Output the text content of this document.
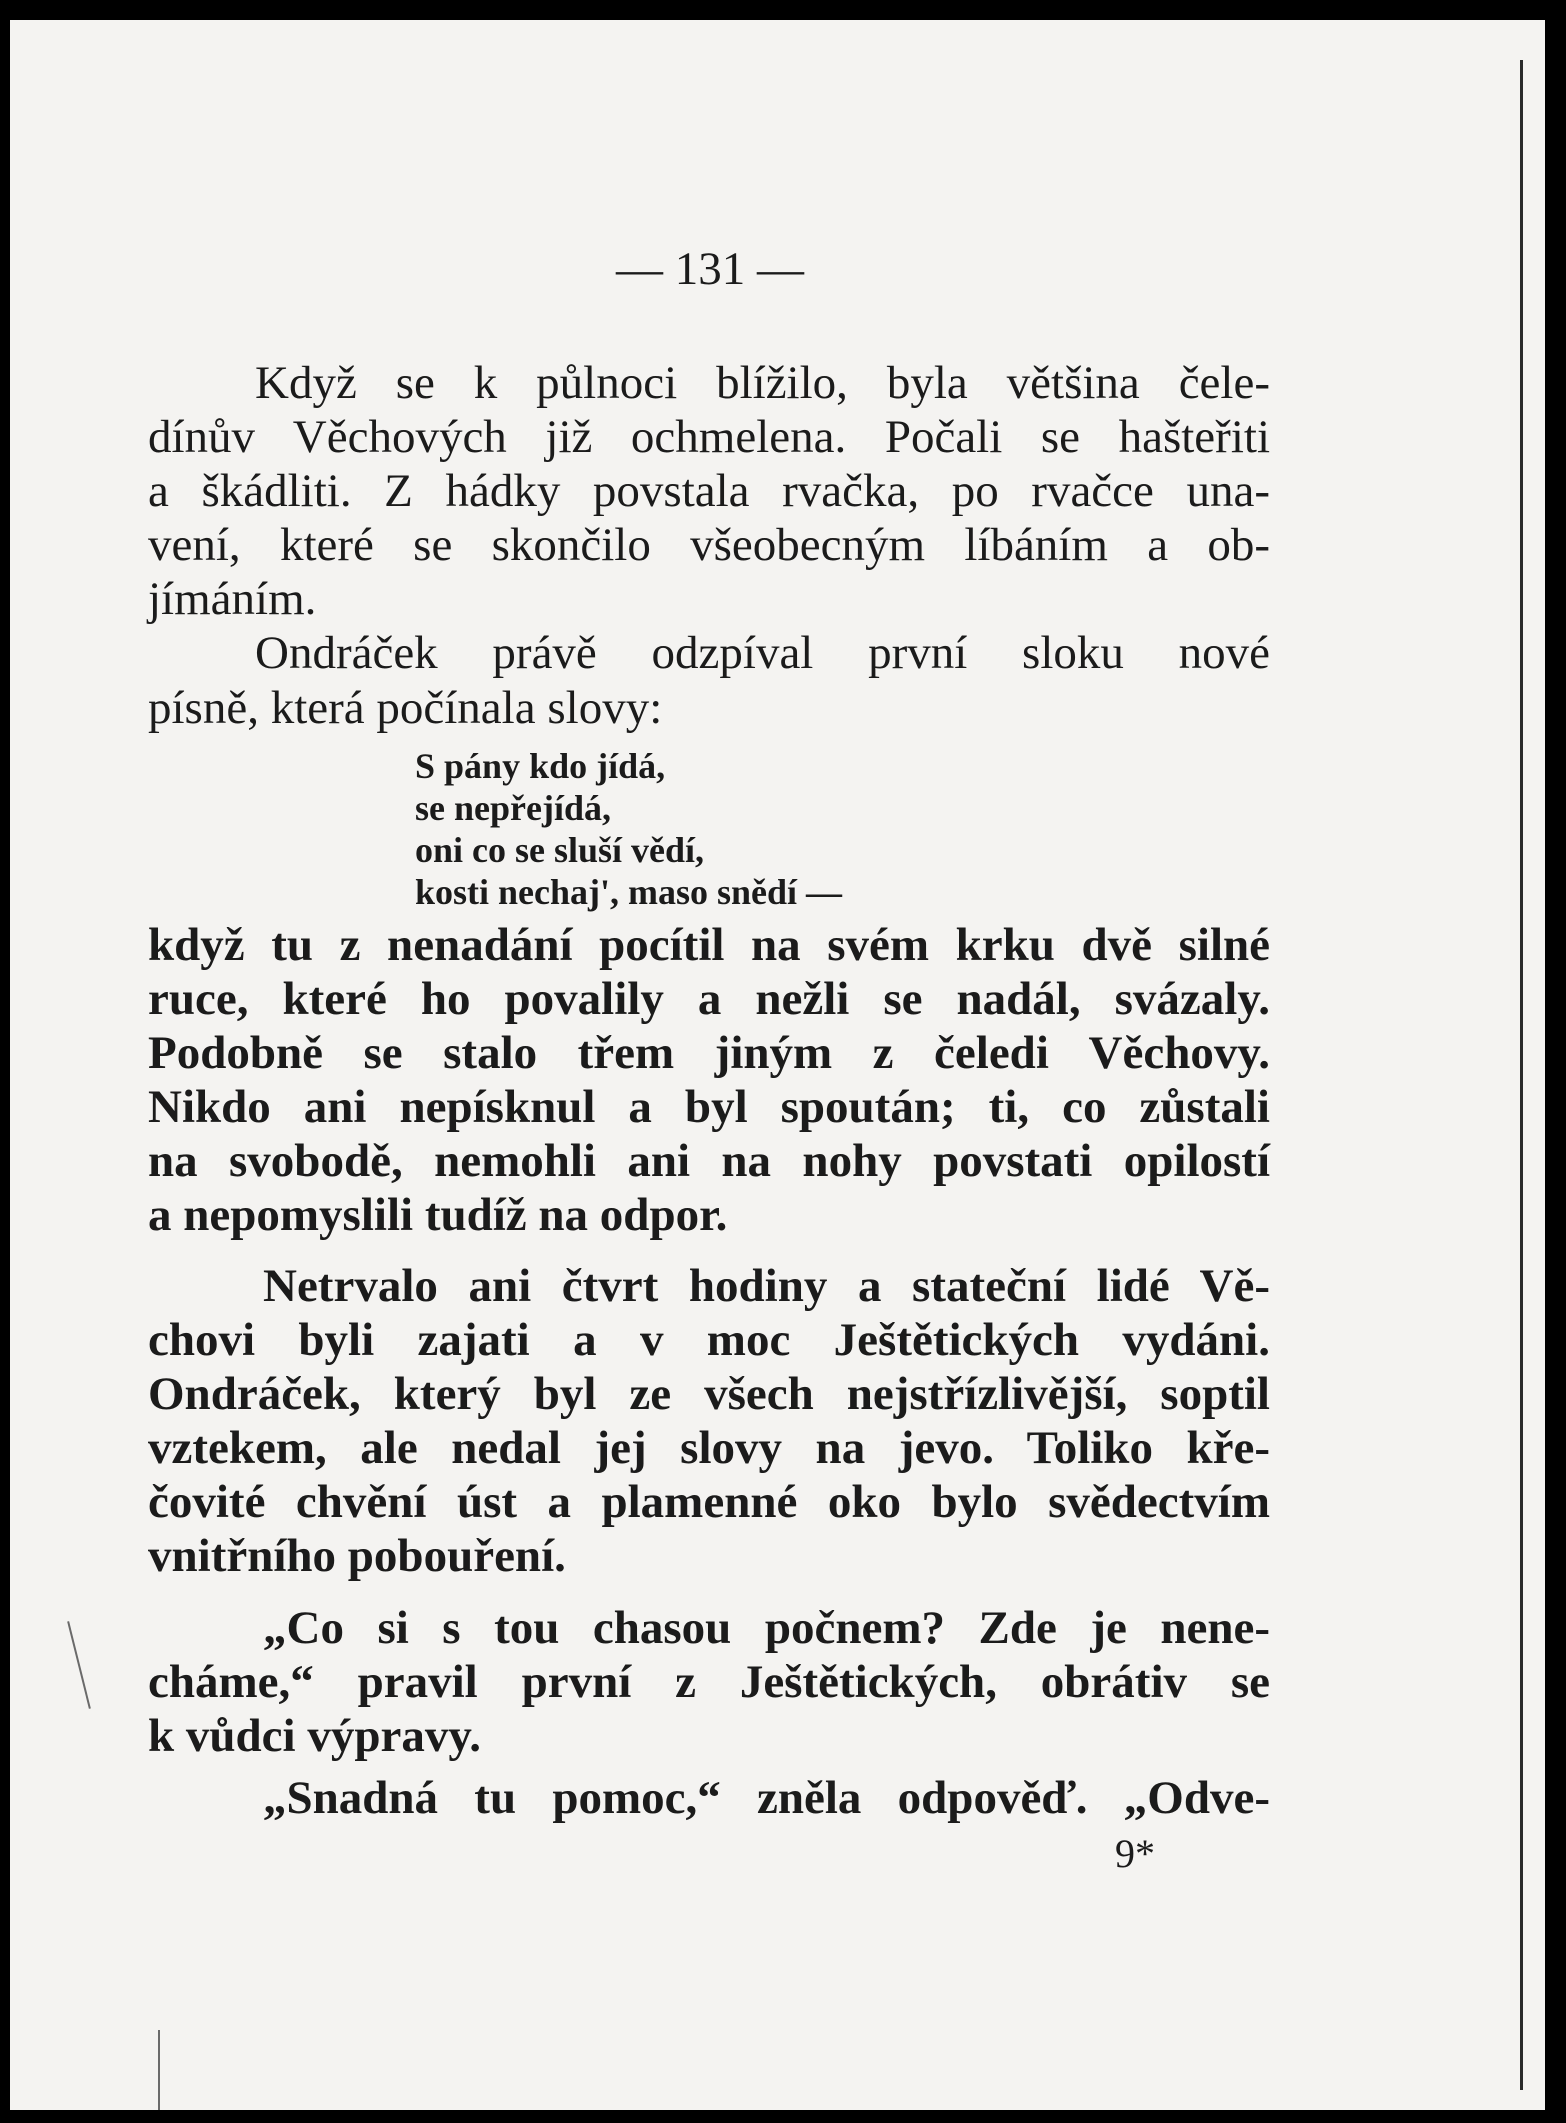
— 131 —
Když se k půlnoci blížilo, byla většina čele-
dínův Věchových již ochmelena. Počali se hašteřiti
a škádliti. Z hádky povstala rvačka, po rvačce una-
vení, které se skončilo všeobecným líbáním a ob-
jímáním.
Ondráček právě odzpíval první sloku nové
písně, která počínala slovy:
S pány kdo jídá,
se nepřejídá,
oni co se sluší vědí,
kosti nechaj', maso snědí —
když tu z nenadání pocítil na svém krku dvě silné
ruce, které ho povalily a nežli se nadál, svázaly.
Podobně se stalo třem jiným z čeledi Věchovy.
Nikdo ani nepísknul a byl spoután; ti, co zůstali
na svobodě, nemohli ani na nohy povstati opilostí
a nepomyslili tudíž na odpor.
Netrvalo ani čtvrt hodiny a stateční lidé Vě-
chovi byli zajati a v moc Ještětických vydáni.
Ondráček, který byl ze všech nejstřízlivější, soptil
vztekem, ale nedal jej slovy na jevo. Toliko kře-
čovité chvění úst a plamenné oko bylo svědectvím
vnitřního pobouření.
„Co si s tou chasou počnem? Zde je nene-
cháme,“ pravil první z Ještětických, obrátiv se
k vůdci výpravy.
„Snadná tu pomoc,“ zněla odpověď. „Odve-
9*
